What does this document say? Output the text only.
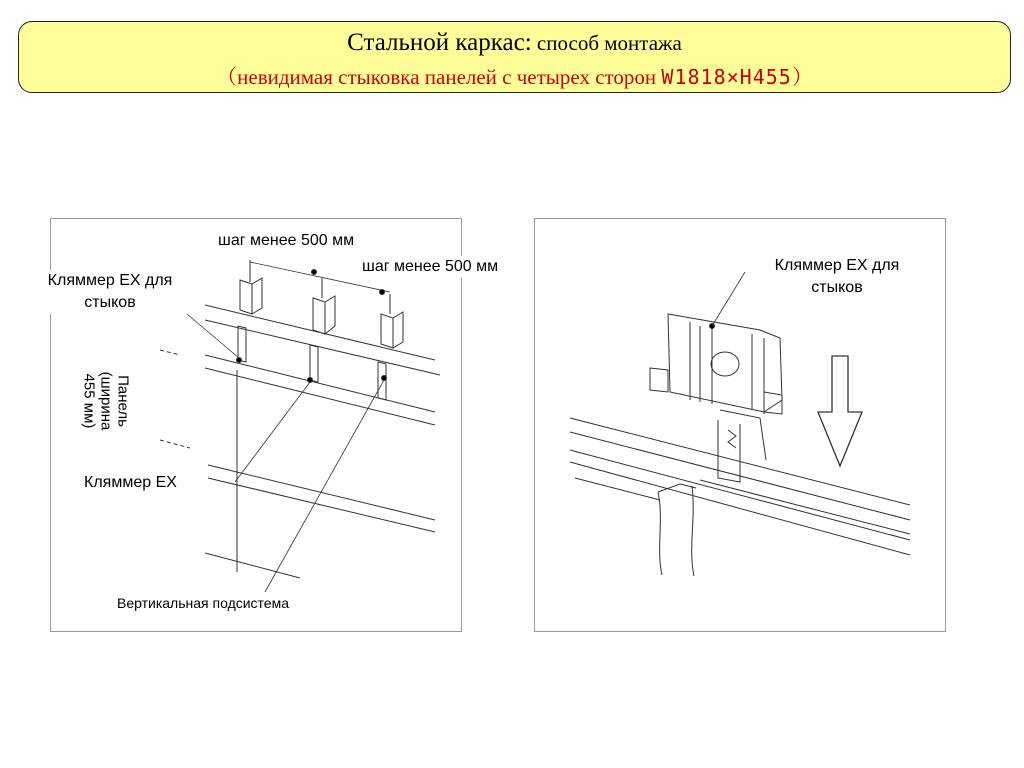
Стальной каркас: способ монтажа
（невидимая стыковка панелей с четырех сторон W1818×H455）
шаг менее 500 мм
шаг менее 500 мм
Кляммер ЕХ для
стыков
Панель
(ширина
455 мм)
Кляммер ЕХ
Вертикальная подсистема
Кляммер ЕХ для
стыков
